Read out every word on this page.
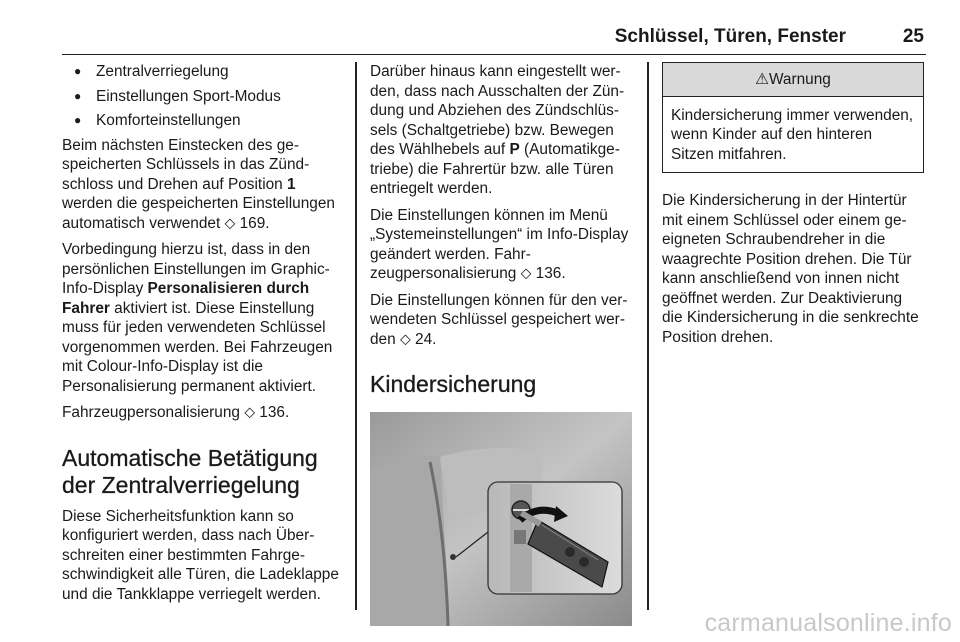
Schlüssel, Türen, Fenster	25
● Zentralverriegelung
● Einstellungen Sport-Modus
● Komforteinstellungen

Beim nächsten Einstecken des gespeicherten Schlüssels in das Zündschloss und Drehen auf Position 1 werden die gespeicherten Einstellungen automatisch verwendet ⬦ 169.

Vorbedingung hierzu ist, dass in den persönlichen Einstellungen im Graphic-Info-Display Personalisieren durch Fahrer aktiviert ist. Diese Einstellung muss für jeden verwendeten Schlüssel vorgenommen werden. Bei Fahrzeugen mit Colour-Info-Display ist die Personalisierung permanent aktiviert.

Fahrzeugpersonalisierung ⬦ 136.

Automatische Betätigung der Zentralverriegelung

Diese Sicherheitsfunktion kann so konfiguriert werden, dass nach Überschreiten einer bestimmten Fahrgeschwindigkeit alle Türen, die Ladeklappe und die Tankklappe verriegelt werden.

Darüber hinaus kann eingestellt werden, dass nach Ausschalten der Zündung und Abziehen des Zündschlüssels (Schaltgetriebe) bzw. Bewegen des Wählhebels auf P (Automatikgetriebe) die Fahrertür bzw. alle Türen entriegelt werden.

Die Einstellungen können im Menü „Systemeinstellungen“ im Info-Display geändert werden. Fahrzeugpersonalisierung ⬦ 136.

Die Einstellungen können für den verwendeten Schlüssel gespeichert werden ⬦ 24.

Kindersicherung
⚠Warnung
Kindersicherung immer verwenden, wenn Kinder auf den hinteren Sitzen mitfahren.

Die Kindersicherung in der Hintertür mit einem Schlüssel oder einem geeigneten Schraubendreher in die waagrechte Position drehen. Die Tür kann anschließend von innen nicht geöffnet werden. Zur Deaktivierung die Kindersicherung in die senkrechte Position drehen.

carmanualsonline.info
